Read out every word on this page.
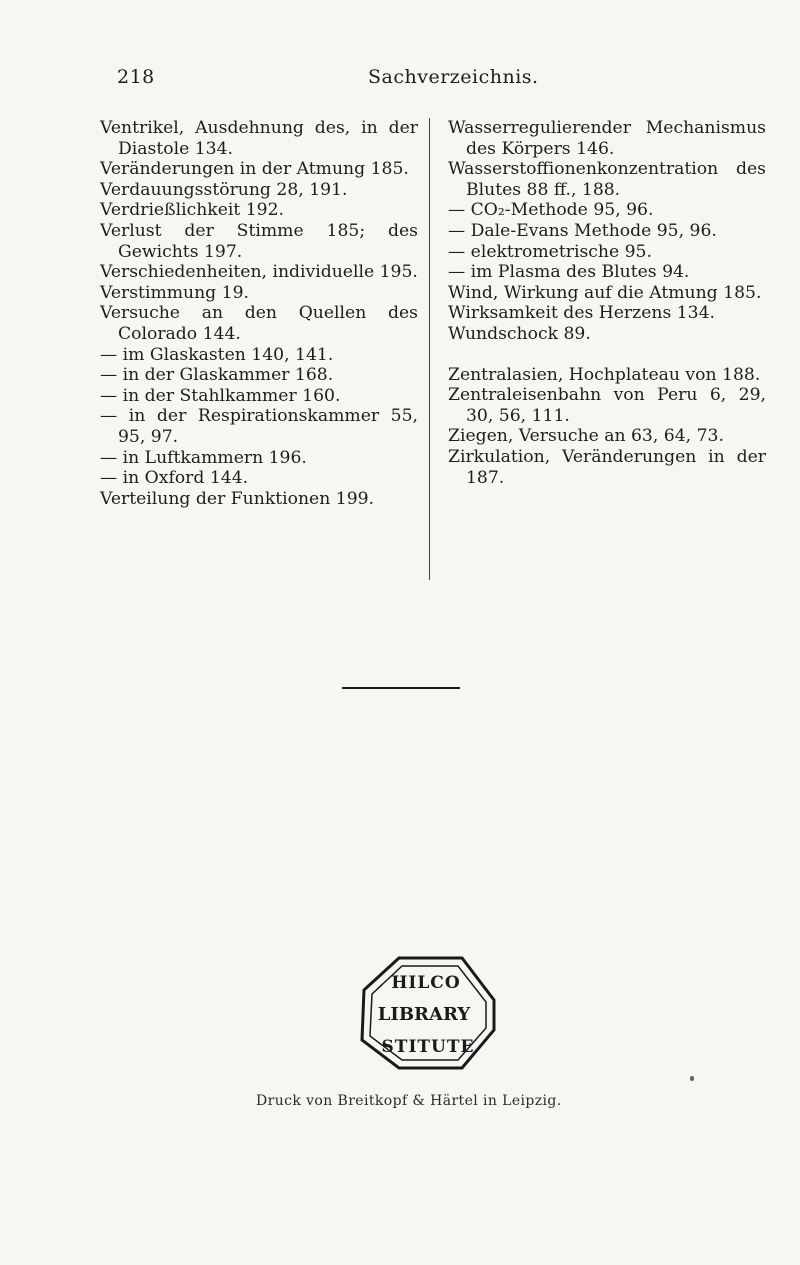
218	Sachverzeichnis.
Ventrikel, Ausdehnung des, in der Diastole 134.
Veränderungen in der Atmung 185.
Verdauungsstörung 28, 191.
Verdrießlichkeit 192.
Verlust der Stimme 185; des Gewichts 197.
Verschiedenheiten, individuelle 195.
Verstimmung 19.
Versuche an den Quellen des Colorado 144.
— im Glaskasten 140, 141.
— in der Glaskammer 168.
— in der Stahlkammer 160.
— in der Respirationskammer 55, 95, 97.
— in Luftkammern 196.
— in Oxford 144.
Verteilung der Funktionen 199.
Wasserregulierender Mechanismus des Körpers 146.
Wasserstoffionenkonzentration des Blutes 88 ff., 188.
— CO₂-Methode 95, 96.
— Dale-Evans Methode 95, 96.
— elektrometrische 95.
— im Plasma des Blutes 94.
Wind, Wirkung auf die Atmung 185.
Wirksamkeit des Herzens 134.
Wundschock 89.
Zentralasien, Hochplateau von 188.
Zentraleisenbahn von Peru 6, 29, 30, 56, 111.
Ziegen, Versuche an 63, 64, 73.
Zirkulation, Veränderungen in der 187.
HILCO
LIBRARY
STITUTE
Druck von Breitkopf & Härtel in Leipzig.
